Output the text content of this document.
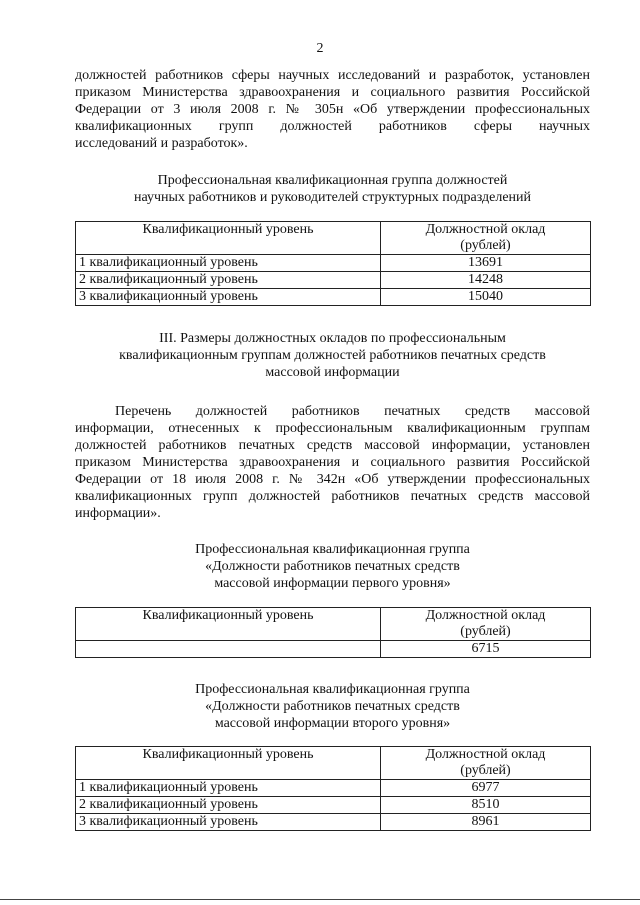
2
должностей работников сферы научных исследований и разработок, установлен
приказом Министерства здравоохранения и социального развития Российской
Федерации от 3 июля 2008 г. № 305н «Об утверждении профессиональных
квалификационных групп должностей работников сферы научных
исследований и разработок».
Профессиональная квалификационная группа должностей
научных работников и руководителей структурных подразделений
Квалификационный уровень	Должностной оклад
(рублей)
1 квалификационный уровень	13691
2 квалификационный уровень	14248
3 квалификационный уровень	15040
III. Размеры должностных окладов по профессиональным
квалификационным группам должностей работников печатных средств
массовой информации
Перечень должностей работников печатных средств массовой
информации, отнесенных к профессиональным квалификационным группам
должностей работников печатных средств массовой информации, установлен
приказом Министерства здравоохранения и социального развития Российской
Федерации от 18 июля 2008 г. № 342н «Об утверждении профессиональных
квалификационных групп должностей работников печатных средств массовой
информации».
Профессиональная квалификационная группа
«Должности работников печатных средств
массовой информации первого уровня»
Квалификационный уровень	Должностной оклад
(рублей)
	6715
Профессиональная квалификационная группа
«Должности работников печатных средств
массовой информации второго уровня»
Квалификационный уровень	Должностной оклад
(рублей)
1 квалификационный уровень	6977
2 квалификационный уровень	8510
3 квалификационный уровень	8961
